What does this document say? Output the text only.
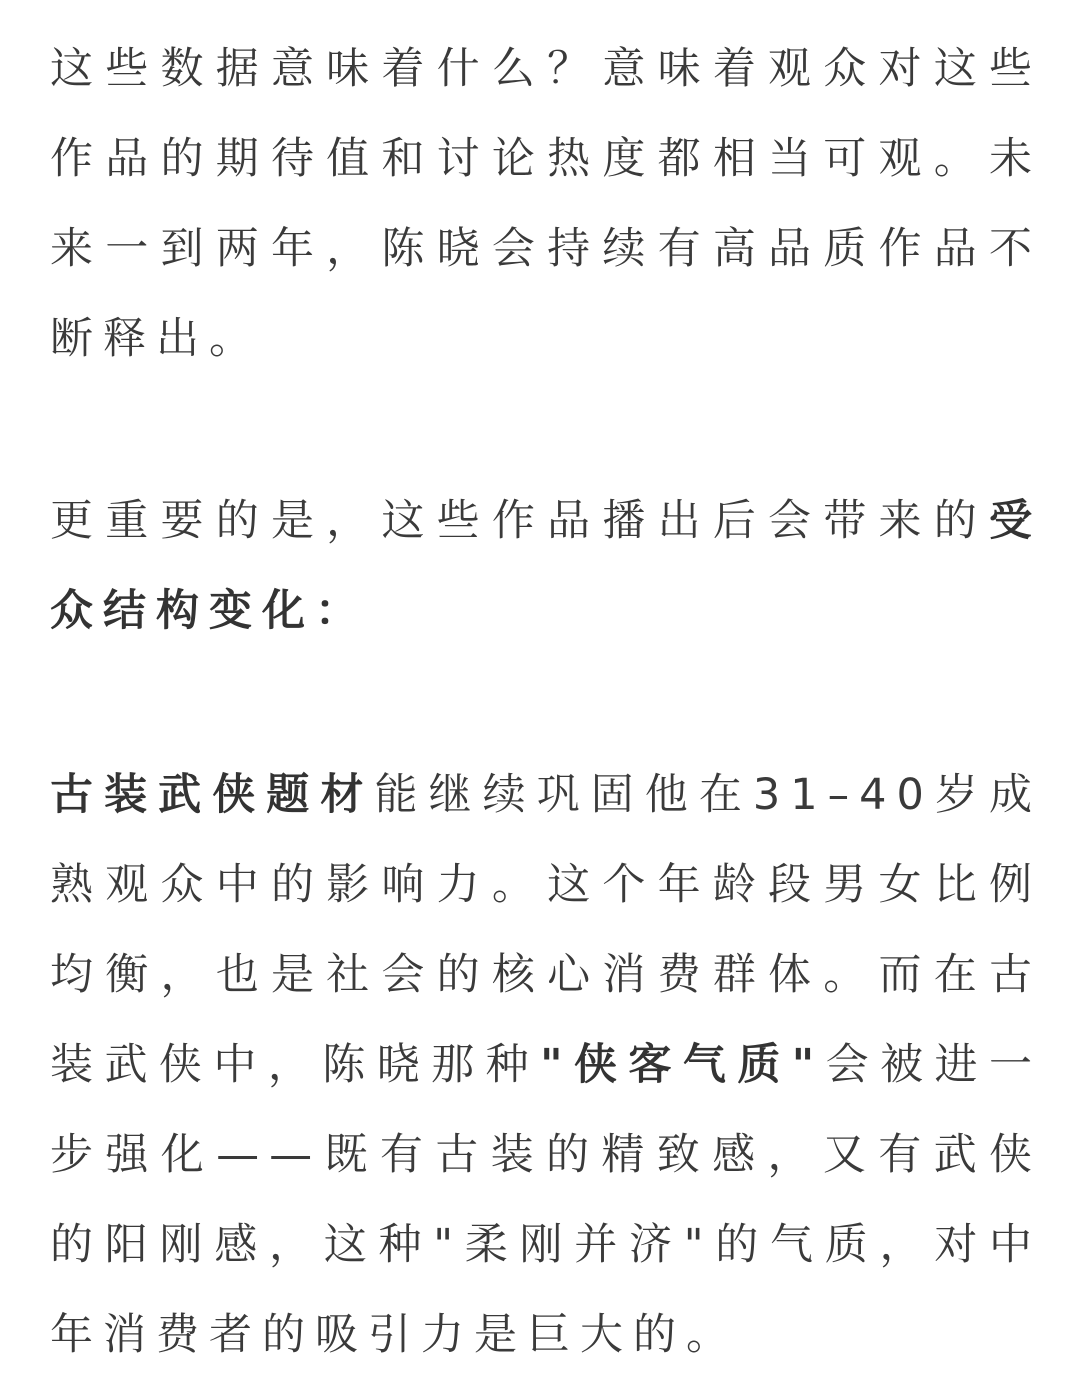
这些数据意味着什么？意味着观众对这些作品的期待值和讨论热度都相当可观。未来一到两年，陈晓会持续有高品质作品不断释出。

更重要的是，这些作品播出后会带来的受众结构变化：

古装武侠题材能继续巩固他在31–40岁成熟观众中的影响力。这个年龄段男女比例均衡，也是社会的核心消费群体。而在古装武侠中，陈晓那种"侠客气质"会被进一步强化——既有古装的精致感，又有武侠的阳刚感，这种"柔刚并济"的气质，对中年消费者的吸引力是巨大的。
